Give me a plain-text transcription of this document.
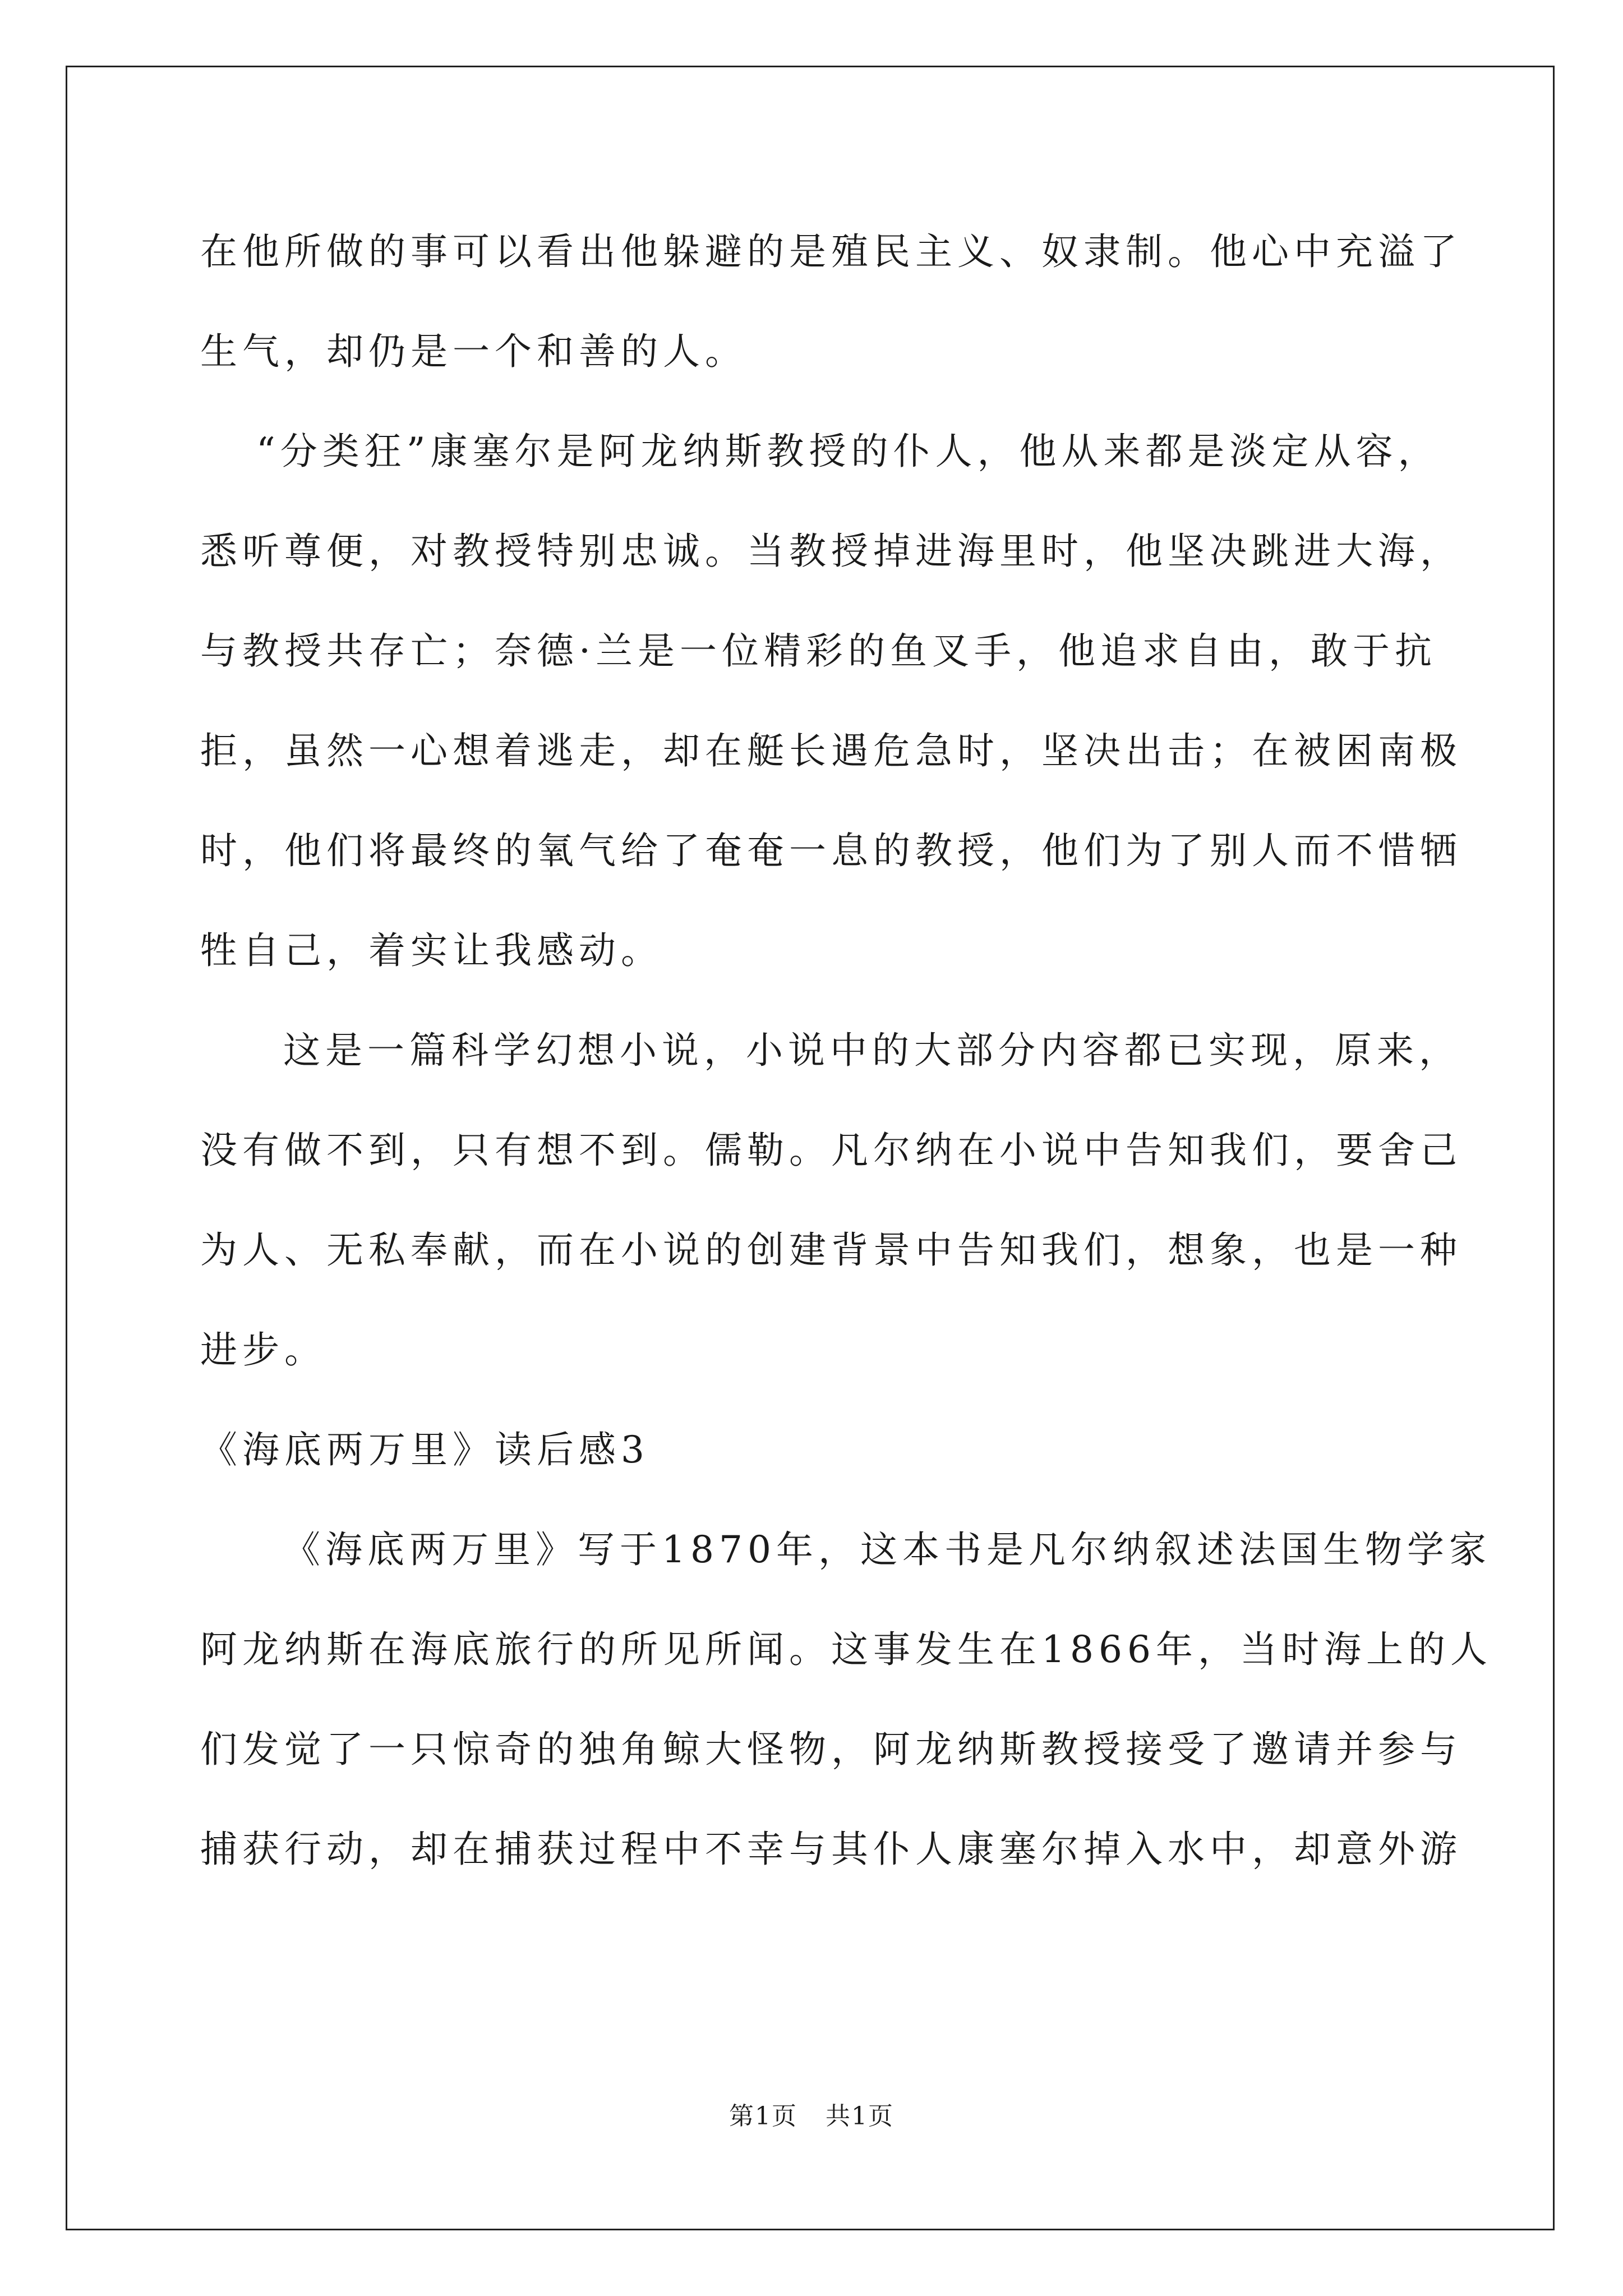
在他所做的事可以看出他躲避的是殖民主义、奴隶制。他心中充溢了
生气，却仍是一个和善的人。
“分类狂”康塞尔是阿龙纳斯教授的仆人，他从来都是淡定从容，
悉听尊便，对教授特别忠诚。当教授掉进海里时，他坚决跳进大海，
与教授共存亡；奈德·兰是一位精彩的鱼叉手，他追求自由，敢于抗
拒，虽然一心想着逃走，却在艇长遇危急时，坚决出击；在被困南极
时，他们将最终的氧气给了奄奄一息的教授，他们为了别人而不惜牺
牲自己，着实让我感动。
这是一篇科学幻想小说，小说中的大部分内容都已实现，原来，
没有做不到，只有想不到。儒勒。凡尔纳在小说中告知我们，要舍己
为人、无私奉献，而在小说的创建背景中告知我们，想象，也是一种
进步。
《海底两万里》读后感3
《海底两万里》写于1870年，这本书是凡尔纳叙述法国生物学家
阿龙纳斯在海底旅行的所见所闻。这事发生在1866年，当时海上的人
们发觉了一只惊奇的独角鲸大怪物，阿龙纳斯教授接受了邀请并参与
捕获行动，却在捕获过程中不幸与其仆人康塞尔掉入水中，却意外游
第1页 共1页
